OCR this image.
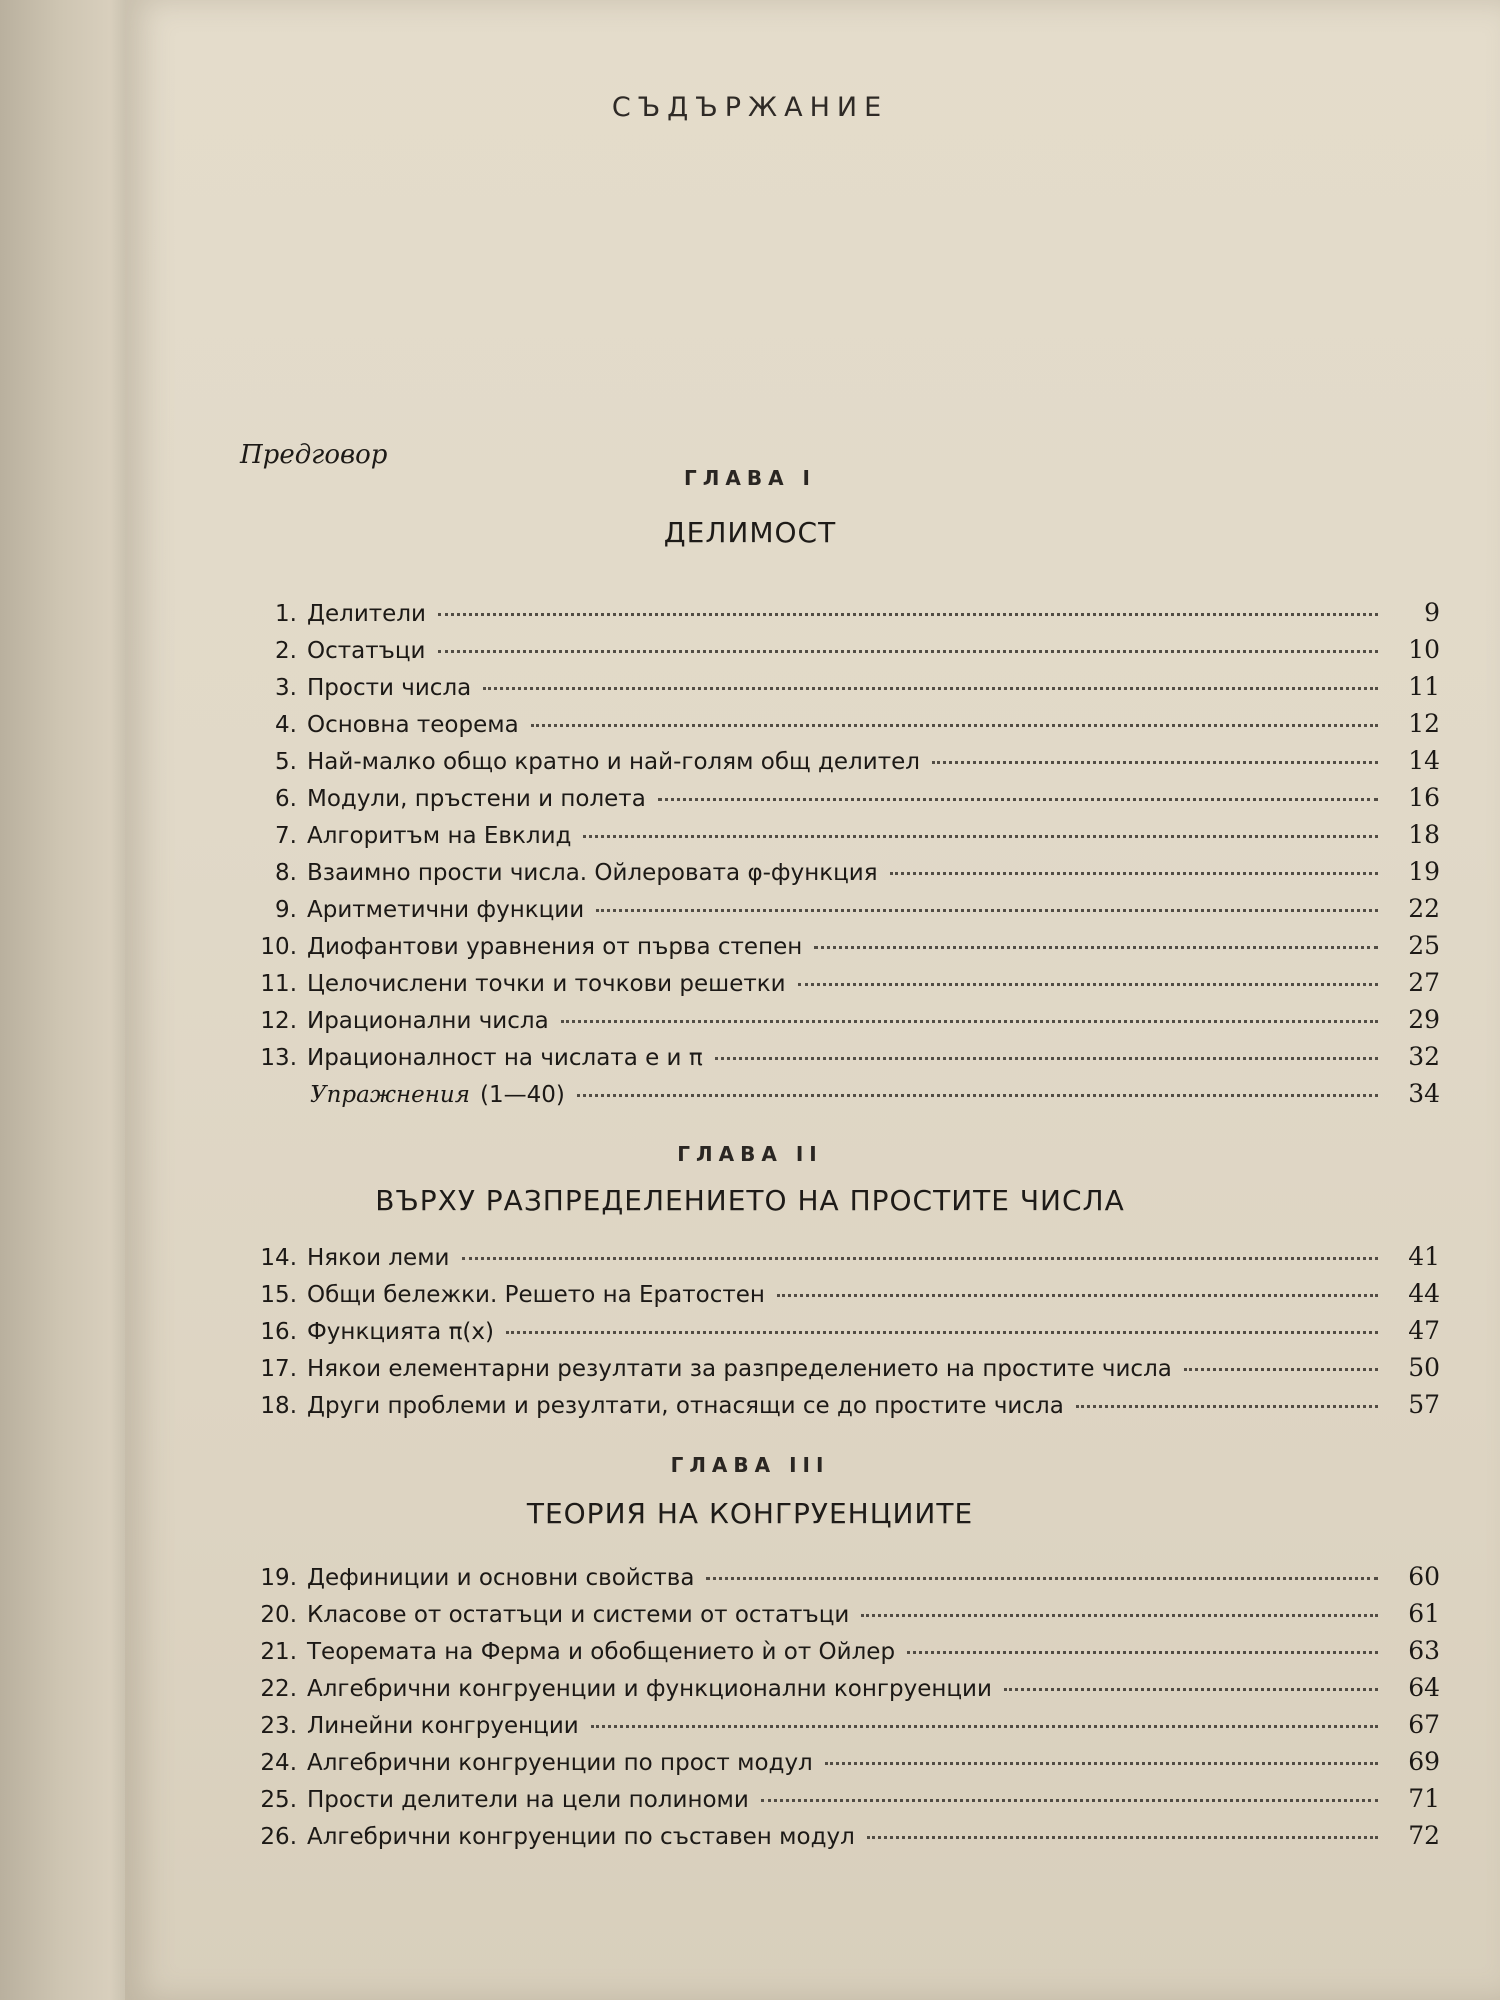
СЪДЪРЖАНИЕ
Предговор
ГЛАВА I
ДЕЛИМОСТ
1. Делители	9
2. Остатъци	10
3. Прости числа	11
4. Основна теорема	12
5. Най-малко общо кратно и най-голям общ делител	14
6. Модули, пръстени и полета	16
7. Алгоритъм на Евклид	18
8. Взаимно прости числа. Ойлеровата φ-функция	19
9. Аритметични функции	22
10. Диофантови уравнения от първа степен	25
11. Целочислени точки и точкови решетки	27
12. Ирационални числа	29
13. Ирационалност на числата e и π	32
Упражнения (1—40)	34
ГЛАВА II
ВЪРХУ РАЗПРЕДЕЛЕНИЕТО НА ПРОСТИТЕ ЧИСЛА
14. Някои леми	41
15. Общи бележки. Решето на Ератостен	44
16. Функцията π(x)	47
17. Някои елементарни резултати за разпределението на простите числа	50
18. Други проблеми и резултати, отнасящи се до простите числа	57
ГЛАВА III
ТЕОРИЯ НА КОНГРУЕНЦИИТЕ
19. Дефиниции и основни свойства	60
20. Класове от остатъци и системи от остатъци	61
21. Теоремата на Ферма и обобщението ѝ от Ойлер	63
22. Алгебрични конгруенции и функционални конгруенции	64
23. Линейни конгруенции	67
24. Алгебрични конгруенции по прост модул	69
25. Прости делители на цели полиноми	71
26. Алгебрични конгруенции по съставен модул	72
